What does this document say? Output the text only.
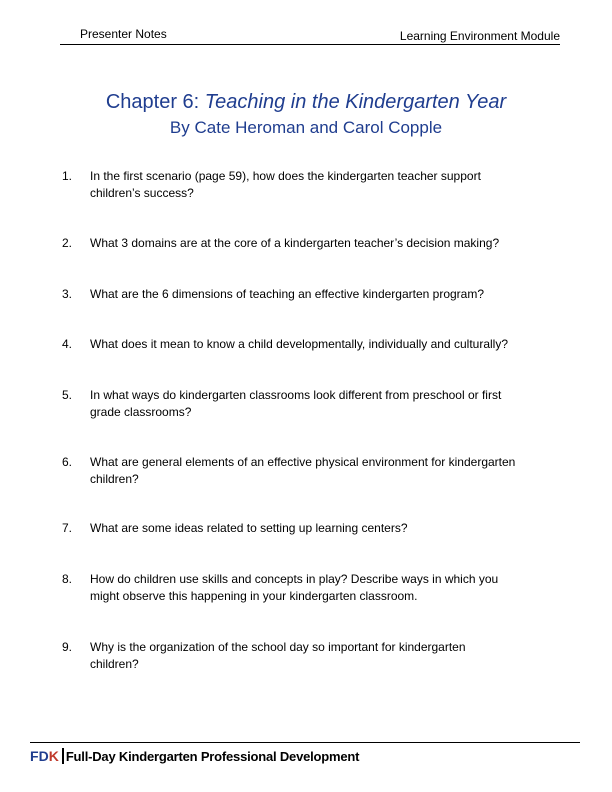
Presenter Notes	Learning Environment Module
Chapter 6: Teaching in the Kindergarten Year
By Cate Heroman and Carol Copple
1.	In the first scenario (page 59), how does the kindergarten teacher support
children’s success?
2.	What 3 domains are at the core of a kindergarten teacher’s decision making?
3.	What are the 6 dimensions of teaching an effective kindergarten program?
4.	What does it mean to know a child developmentally, individually and culturally?
5.	In what ways do kindergarten classrooms look different from preschool or first
grade classrooms?
6.	What are general elements of an effective physical environment for kindergarten
children?
7.	What are some ideas related to setting up learning centers?
8.	How do children use skills and concepts in play? Describe ways in which you
might observe this happening in your kindergarten classroom.
9.	Why is the organization of the school day so important for kindergarten
children?
F D K Full-Day Kindergarten Professional Development
